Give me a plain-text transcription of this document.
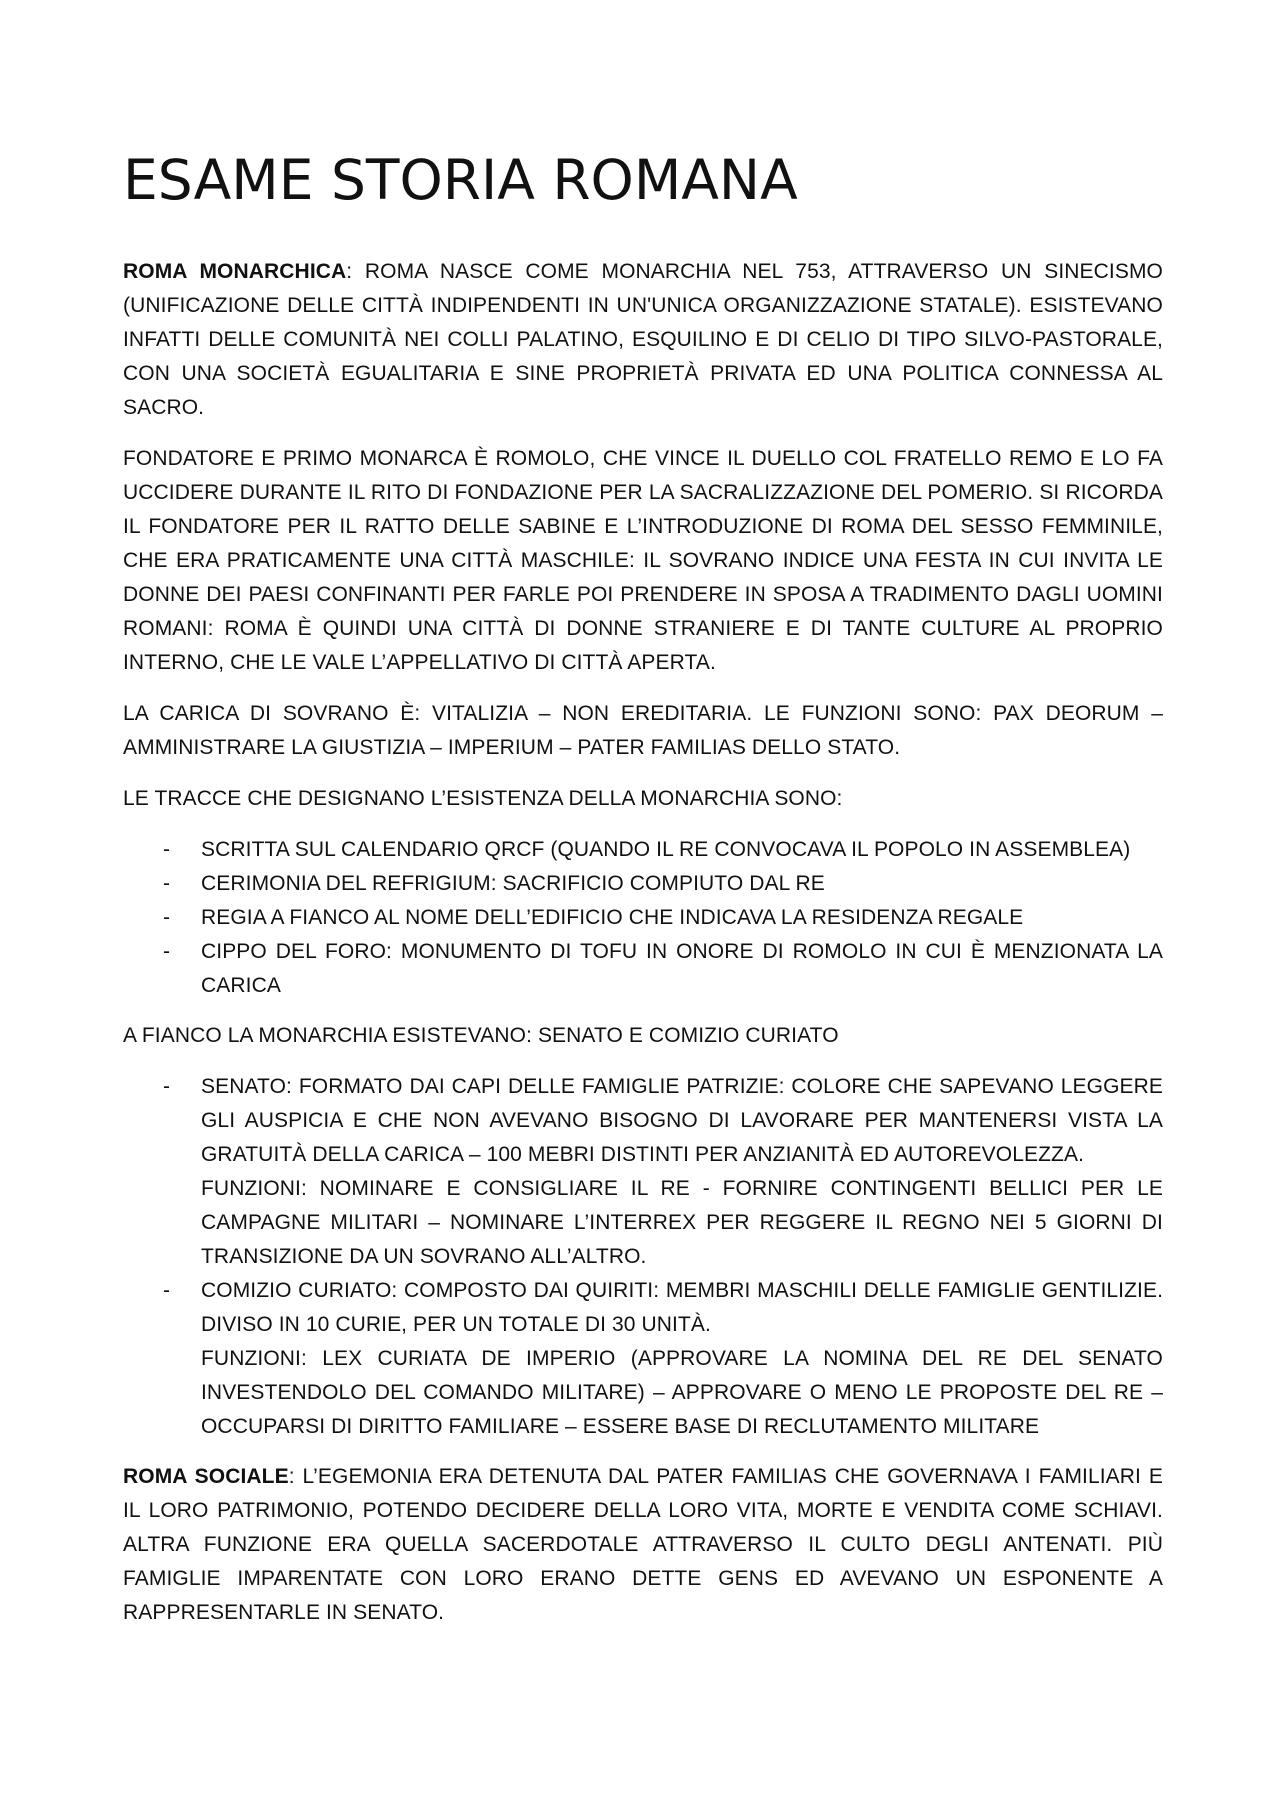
ESAME STORIA ROMANA

ROMA MONARCHICA: ROMA NASCE COME MONARCHIA NEL 753, ATTRAVERSO UN SINECISMO (UNIFICAZIONE DELLE CITTÀ INDIPENDENTI IN UN'UNICA ORGANIZZAZIONE STATALE). ESISTEVANO INFATTI DELLE COMUNITÀ NEI COLLI PALATINO, ESQUILINO E DI CELIO DI TIPO SILVO-PASTORALE, CON UNA SOCIETÀ EGUALITARIA E SINE PROPRIETÀ PRIVATA ED UNA POLITICA CONNESSA AL SACRO.

FONDATORE E PRIMO MONARCA È ROMOLO, CHE VINCE IL DUELLO COL FRATELLO REMO E LO FA UCCIDERE DURANTE IL RITO DI FONDAZIONE PER LA SACRALIZZAZIONE DEL POMERIO. SI RICORDA IL FONDATORE PER IL RATTO DELLE SABINE E L’INTRODUZIONE DI ROMA DEL SESSO FEMMINILE, CHE ERA PRATICAMENTE UNA CITTÀ MASCHILE: IL SOVRANO INDICE UNA FESTA IN CUI INVITA LE DONNE DEI PAESI CONFINANTI PER FARLE POI PRENDERE IN SPOSA A TRADIMENTO DAGLI UOMINI ROMANI: ROMA È QUINDI UNA CITTÀ DI DONNE STRANIERE E DI TANTE CULTURE AL PROPRIO INTERNO, CHE LE VALE L’APPELLATIVO DI CITTÀ APERTA.

LA CARICA DI SOVRANO È: VITALIZIA – NON EREDITARIA. LE FUNZIONI SONO: PAX DEORUM – AMMINISTRARE LA GIUSTIZIA – IMPERIUM – PATER FAMILIAS DELLO STATO.

LE TRACCE CHE DESIGNANO L’ESISTENZA DELLA MONARCHIA SONO:

- SCRITTA SUL CALENDARIO QRCF (QUANDO IL RE CONVOCAVA IL POPOLO IN ASSEMBLEA)
- CERIMONIA DEL REFRIGIUM: SACRIFICIO COMPIUTO DAL RE
- REGIA A FIANCO AL NOME DELL’EDIFICIO CHE INDICAVA LA RESIDENZA REGALE
- CIPPO DEL FORO: MONUMENTO DI TOFU IN ONORE DI ROMOLO IN CUI È MENZIONATA LA CARICA

A FIANCO LA MONARCHIA ESISTEVANO: SENATO E COMIZIO CURIATO

- SENATO: FORMATO DAI CAPI DELLE FAMIGLIE PATRIZIE: COLORE CHE SAPEVANO LEGGERE GLI AUSPICIA E CHE NON AVEVANO BISOGNO DI LAVORARE PER MANTENERSI VISTA LA GRATUITÀ DELLA CARICA – 100 MEBRI DISTINTI PER ANZIANITÀ ED AUTOREVOLEZZA.
FUNZIONI: NOMINARE E CONSIGLIARE IL RE - FORNIRE CONTINGENTI BELLICI PER LE CAMPAGNE MILITARI – NOMINARE L’INTERREX PER REGGERE IL REGNO NEI 5 GIORNI DI TRANSIZIONE DA UN SOVRANO ALL’ALTRO.
- COMIZIO CURIATO: COMPOSTO DAI QUIRITI: MEMBRI MASCHILI DELLE FAMIGLIE GENTILIZIE. DIVISO IN 10 CURIE, PER UN TOTALE DI 30 UNITÀ.
FUNZIONI: LEX CURIATA DE IMPERIO (APPROVARE LA NOMINA DEL RE DEL SENATO INVESTENDOLO DEL COMANDO MILITARE) – APPROVARE O MENO LE PROPOSTE DEL RE – OCCUPARSI DI DIRITTO FAMILIARE – ESSERE BASE DI RECLUTAMENTO MILITARE

ROMA SOCIALE: L’EGEMONIA ERA DETENUTA DAL PATER FAMILIAS CHE GOVERNAVA I FAMILIARI E IL LORO PATRIMONIO, POTENDO DECIDERE DELLA LORO VITA, MORTE E VENDITA COME SCHIAVI. ALTRA FUNZIONE ERA QUELLA SACERDOTALE ATTRAVERSO IL CULTO DEGLI ANTENATI. PIÙ FAMIGLIE IMPARENTATE CON LORO ERANO DETTE GENS ED AVEVANO UN ESPONENTE A RAPPRESENTARLE IN SENATO.
